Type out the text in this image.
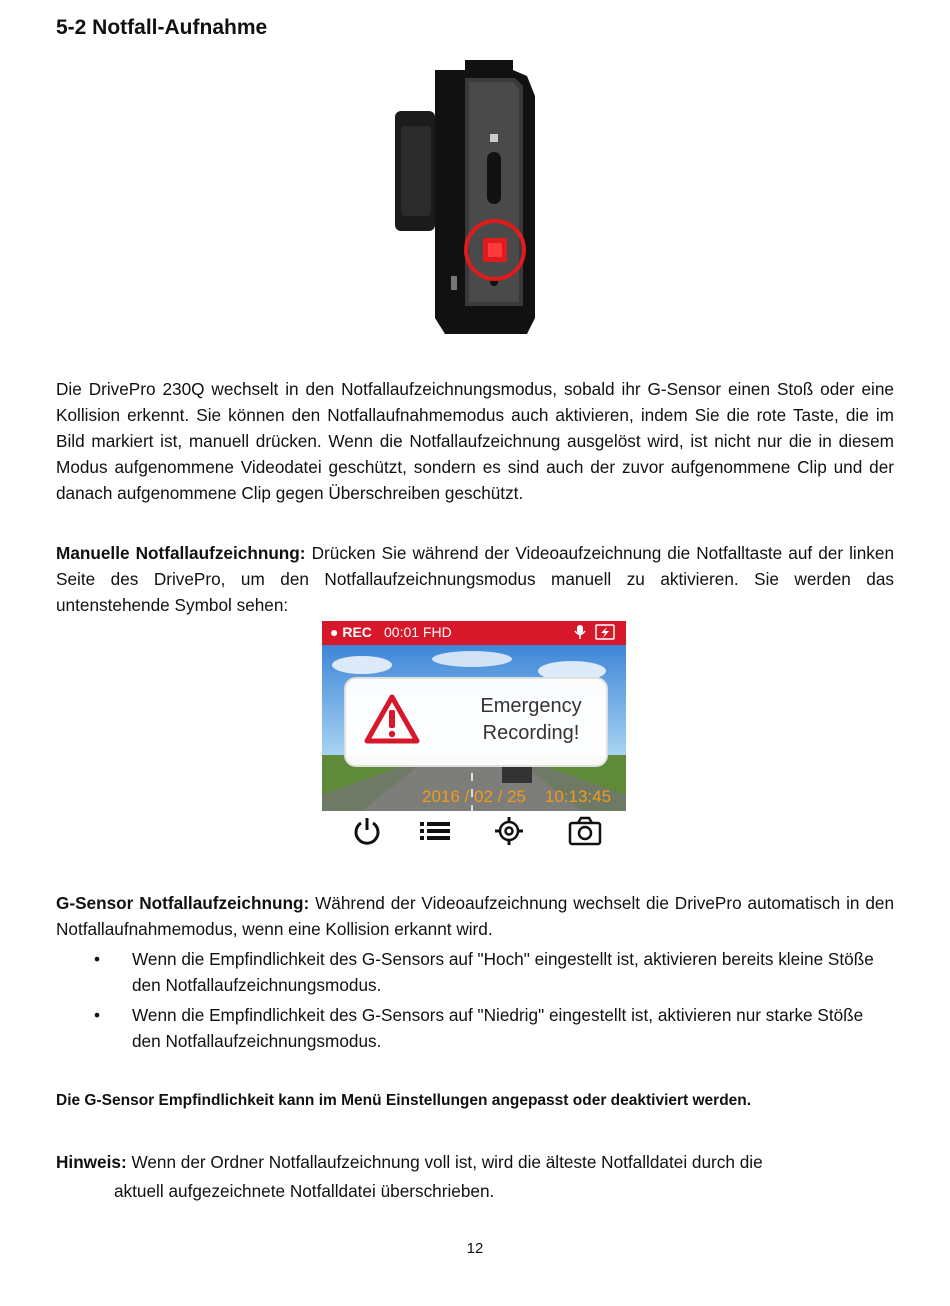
5-2 Notfall-Aufnahme

Die DrivePro 230Q wechselt in den Notfallaufzeichnungsmodus, sobald ihr G-Sensor einen Stoß oder eine Kollision erkennt. Sie können den Notfallaufnahmemodus auch aktivieren, indem Sie die rote Taste, die im Bild markiert ist, manuell drücken. Wenn die Notfallaufzeichnung ausgelöst wird, ist nicht nur die in diesem Modus aufgenommene Videodatei geschützt, sondern es sind auch der zuvor aufgenommene Clip und der danach aufgenommene Clip gegen Überschreiben geschützt.

Manuelle Notfallaufzeichnung: Drücken Sie während der Videoaufzeichnung die Notfalltaste auf der linken Seite des DrivePro, um den Notfallaufzeichnungsmodus manuell zu aktivieren. Sie werden das untenstehende Symbol sehen:

● REC 00:01 FHD
Emergency
Recording!
2016 / 02 / 25    10:13:45

G-Sensor Notfallaufzeichnung: Während der Videoaufzeichnung wechselt die DrivePro automatisch in den Notfallaufnahmemodus, wenn eine Kollision erkannt wird.

• Wenn die Empfindlichkeit des G-Sensors auf "Hoch" eingestellt ist, aktivieren bereits kleine Stöße den Notfallaufzeichnungsmodus.
• Wenn die Empfindlichkeit des G-Sensors auf "Niedrig" eingestellt ist, aktivieren nur starke Stöße den Notfallaufzeichnungsmodus.

Die G-Sensor Empfindlichkeit kann im Menü Einstellungen angepasst oder deaktiviert werden.

Hinweis: Wenn der Ordner Notfallaufzeichnung voll ist, wird die älteste Notfalldatei durch die
aktuell aufgezeichnete Notfalldatei überschrieben.

12
